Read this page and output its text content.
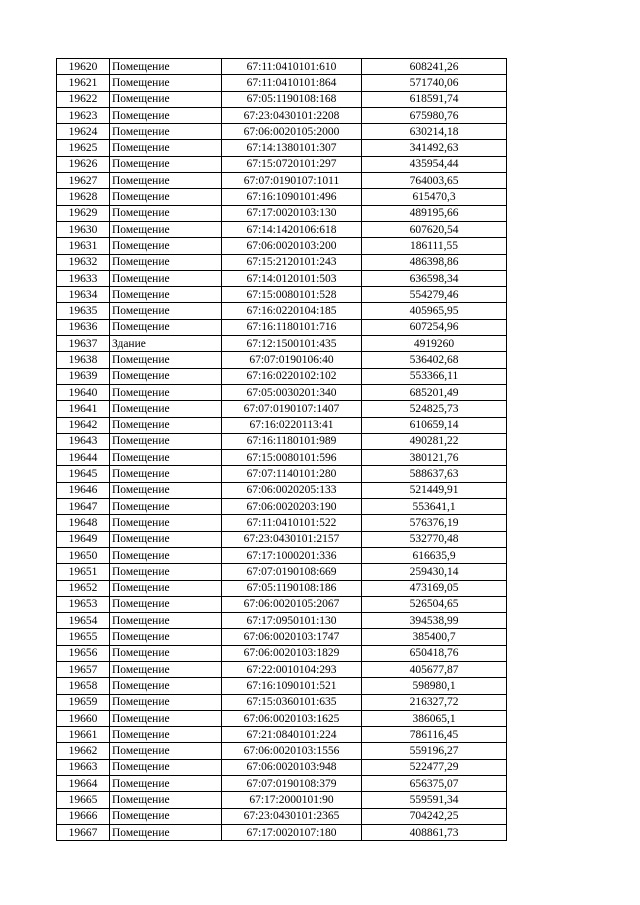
19620	Помещение	67:11:0410101:610	608241,26
19621	Помещение	67:11:0410101:864	571740,06
19622	Помещение	67:05:1190108:168	618591,74
19623	Помещение	67:23:0430101:2208	675980,76
19624	Помещение	67:06:0020105:2000	630214,18
19625	Помещение	67:14:1380101:307	341492,63
19626	Помещение	67:15:0720101:297	435954,44
19627	Помещение	67:07:0190107:1011	764003,65
19628	Помещение	67:16:1090101:496	615470,3
19629	Помещение	67:17:0020103:130	489195,66
19630	Помещение	67:14:1420106:618	607620,54
19631	Помещение	67:06:0020103:200	186111,55
19632	Помещение	67:15:2120101:243	486398,86
19633	Помещение	67:14:0120101:503	636598,34
19634	Помещение	67:15:0080101:528	554279,46
19635	Помещение	67:16:0220104:185	405965,95
19636	Помещение	67:16:1180101:716	607254,96
19637	Здание	67:12:1500101:435	4919260
19638	Помещение	67:07:0190106:40	536402,68
19639	Помещение	67:16:0220102:102	553366,11
19640	Помещение	67:05:0030201:340	685201,49
19641	Помещение	67:07:0190107:1407	524825,73
19642	Помещение	67:16:0220113:41	610659,14
19643	Помещение	67:16:1180101:989	490281,22
19644	Помещение	67:15:0080101:596	380121,76
19645	Помещение	67:07:1140101:280	588637,63
19646	Помещение	67:06:0020205:133	521449,91
19647	Помещение	67:06:0020203:190	553641,1
19648	Помещение	67:11:0410101:522	576376,19
19649	Помещение	67:23:0430101:2157	532770,48
19650	Помещение	67:17:1000201:336	616635,9
19651	Помещение	67:07:0190108:669	259430,14
19652	Помещение	67:05:1190108:186	473169,05
19653	Помещение	67:06:0020105:2067	526504,65
19654	Помещение	67:17:0950101:130	394538,99
19655	Помещение	67:06:0020103:1747	385400,7
19656	Помещение	67:06:0020103:1829	650418,76
19657	Помещение	67:22:0010104:293	405677,87
19658	Помещение	67:16:1090101:521	598980,1
19659	Помещение	67:15:0360101:635	216327,72
19660	Помещение	67:06:0020103:1625	386065,1
19661	Помещение	67:21:0840101:224	786116,45
19662	Помещение	67:06:0020103:1556	559196,27
19663	Помещение	67:06:0020103:948	522477,29
19664	Помещение	67:07:0190108:379	656375,07
19665	Помещение	67:17:2000101:90	559591,34
19666	Помещение	67:23:0430101:2365	704242,25
19667	Помещение	67:17:0020107:180	408861,73
